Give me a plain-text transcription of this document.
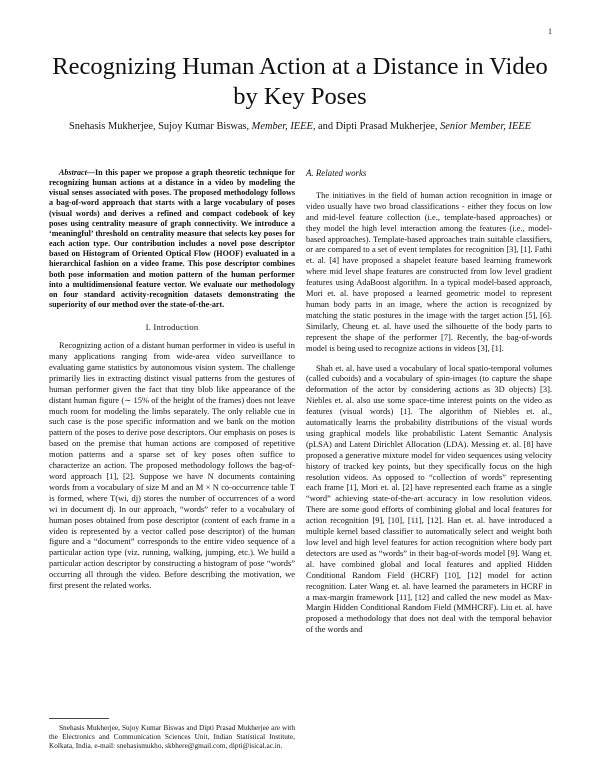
1
Recognizing Human Action at a Distance in Video by Key Poses

Snehasis Mukherjee, Sujoy Kumar Biswas, Member, IEEE, and Dipti Prasad Mukherjee, Senior Member, IEEE

Abstract—In this paper we propose a graph theoretic technique for recognizing human actions at a distance in a video by modeling the visual senses associated with poses. The proposed methodology follows a bag-of-word approach that starts with a large vocabulary of poses (visual words) and derives a refined and compact codebook of key poses using centrality measure of graph connectivity. We introduce a ‘meaningful’ threshold on centrality measure that selects key poses for each action type. Our contribution includes a novel pose descriptor based on Histogram of Oriented Optical Flow (HOOF) evaluated in a hierarchical fashion on a video frame. This pose descriptor combines both pose information and motion pattern of the human performer into a multidimensional feature vector. We evaluate our methodology on four standard activity-recognition datasets demonstrating the superiority of our method over the state-of-the-art.

I. Introduction

Recognizing action of a distant human performer in video is useful in many applications ranging from wide-area video surveillance to evaluating game statistics by autonomous vision system. The challenge primarily lies in extracting distinct visual patterns from the gestures of human performer given the fact that tiny blob like appearance of the distant human figure (∼ 15% of the height of the frames) does not leave much room for modeling the limbs separately. The only reliable cue in such case is the pose specific information and we bank on the motion pattern of the poses to derive pose descriptors. Our emphasis on poses is based on the premise that human actions are composed of repetitive motion patterns and a sparse set of key poses often suffice to characterize an action. The proposed methodology follows the bag-of-word approach [1], [2]. Suppose we have N documents containing words from a vocabulary of size M and an M × N co-occurrence table T is formed, where T(wi, dj) stores the number of occurrences of a word wi in document dj. In our approach, “words” refer to a vocabulary of human poses obtained from pose descriptor (content of each frame in a video is represented by a vector called pose descriptor) of the human figure and a “document” corresponds to the entire video sequence of a particular action type (viz. running, walking, jumping, etc.). We build a particular action descriptor by constructing a histogram of pose “words” occurring all through the video. Before describing the motivation, we first present the related works.

Snehasis Mukherjee, Sujoy Kumar Biswas and Dipti Prasad Mukherjee are with the Electronics and Communication Sciences Unit, Indian Statistical Institute, Kolkata, India. e-mail: snehasismukho, skbhere@gmail.com, dipti@isical.ac.in.

A. Related works

The initiatives in the field of human action recognition in image or video usually have two broad classifications - either they focus on low and mid-level feature collection (i.e., template-based approaches) or they model the high level interaction among the features (i.e., model-based approaches). Template-based approaches train suitable classifiers, or are compared to a set of event templates for recognition [3], [1]. Fathi et. al. [4] have proposed a shapelet feature based learning framework where mid level shape features are constructed from low level gradient features using AdaBoost algorithm. In a typical model-based approach, Mori et. al. have proposed a learned geometric model to represent human body parts in an image, where the action is recognized by matching the static postures in the image with the target action [5], [6]. Similarly, Cheung et. al. have used the silhouette of the body parts to represent the shape of the performer [7]. Recently, the bag-of-words model is being used to recognize actions in videos [3], [1].

Shah et. al. have used a vocabulary of local spatio-temporal volumes (called cuboids) and a vocabulary of spin-images (to capture the shape deformation of the actor by considering actions as 3D objects) [3]. Niebles et. al. also use some space-time interest points on the video as features (visual words) [1]. The algorithm of Niebles et. al., automatically learns the probability distributions of the visual words using graphical models like probabilistic Latent Semantic Analysis (pLSA) and Latent Dirichlet Allocation (LDA). Messing et. al. [8] have proposed a generative mixture model for video sequences using velocity history of tracked key points, but they specifically focus on the high resolution videos. As opposed to “collection of words” representing each frame [1], Mori et. al. [2] have represented each frame as a single “word” achieving state-of-the-art accuracy in low resolution videos. There are some good efforts of combining global and local features for action recognition [9], [10], [11], [12]. Han et. al. have introduced a multiple kernel based classifier to automatically select and weight both low level and high level features for action recognition where body part detectors are used as “words” in their bag-of-words model [9]. Wang et. al. have combined global and local features and applied Hidden Conditional Random Field (HCRF) [10], [12] model for action recognition. Later Wang et. al. have learned the parameters in HCRF in a max-margin framework [11], [12] and called the new model as Max-Margin Hidden Conditional Random Field (MMHCRF). Liu et. al. have proposed a methodology that does not deal with the temporal behavior of the words and
